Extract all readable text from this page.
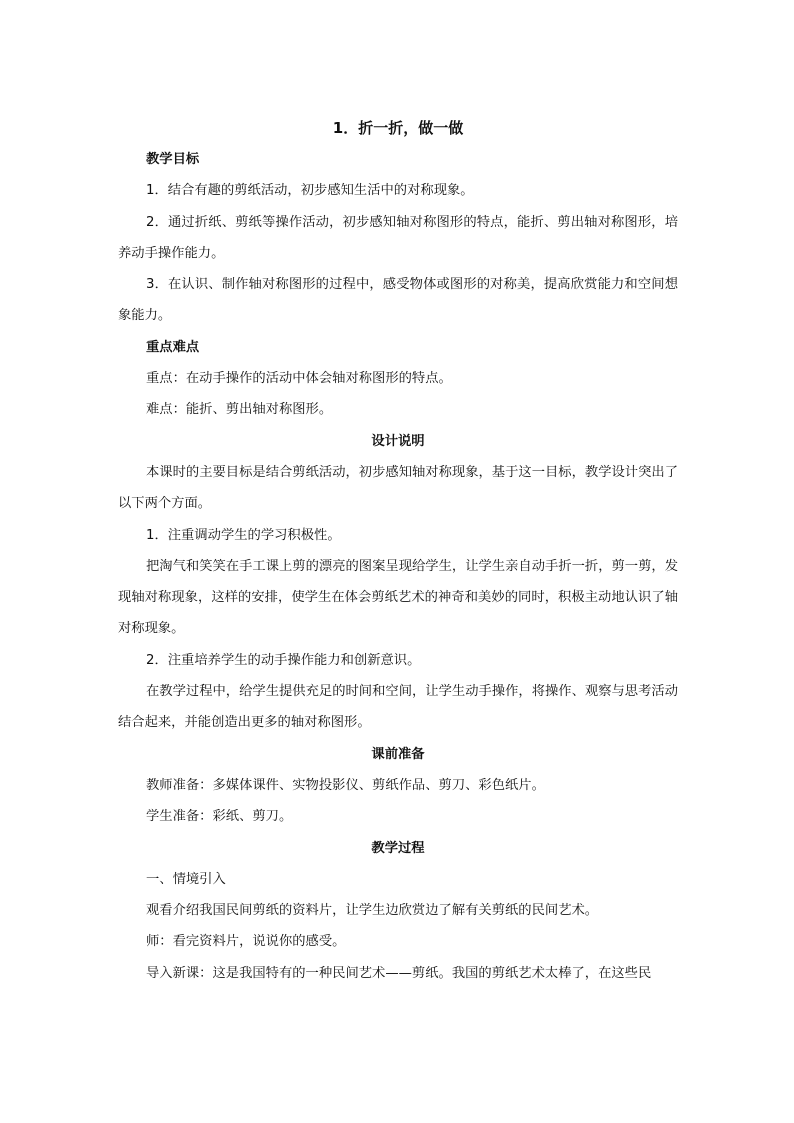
1．折一折，做一做

教学目标

1．结合有趣的剪纸活动，初步感知生活中的对称现象。

2．通过折纸、剪纸等操作活动，初步感知轴对称图形的特点，能折、剪出轴对称图形，培养动手操作能力。

3．在认识、制作轴对称图形的过程中，感受物体或图形的对称美，提高欣赏能力和空间想象能力。

重点难点

重点：在动手操作的活动中体会轴对称图形的特点。

难点：能折、剪出轴对称图形。

设计说明

本课时的主要目标是结合剪纸活动，初步感知轴对称现象，基于这一目标，教学设计突出了以下两个方面。

1．注重调动学生的学习积极性。

把淘气和笑笑在手工课上剪的漂亮的图案呈现给学生，让学生亲自动手折一折，剪一剪，发现轴对称现象，这样的安排，使学生在体会剪纸艺术的神奇和美妙的同时，积极主动地认识了轴对称现象。

2．注重培养学生的动手操作能力和创新意识。

在教学过程中，给学生提供充足的时间和空间，让学生动手操作，将操作、观察与思考活动结合起来，并能创造出更多的轴对称图形。

课前准备

教师准备：多媒体课件、实物投影仪、剪纸作品、剪刀、彩色纸片。

学生准备：彩纸、剪刀。

教学过程

一、情境引入

观看介绍我国民间剪纸的资料片，让学生边欣赏边了解有关剪纸的民间艺术。

师：看完资料片，说说你的感受。

导入新课：这是我国特有的一种民间艺术——剪纸。我国的剪纸艺术太棒了，在这些民
